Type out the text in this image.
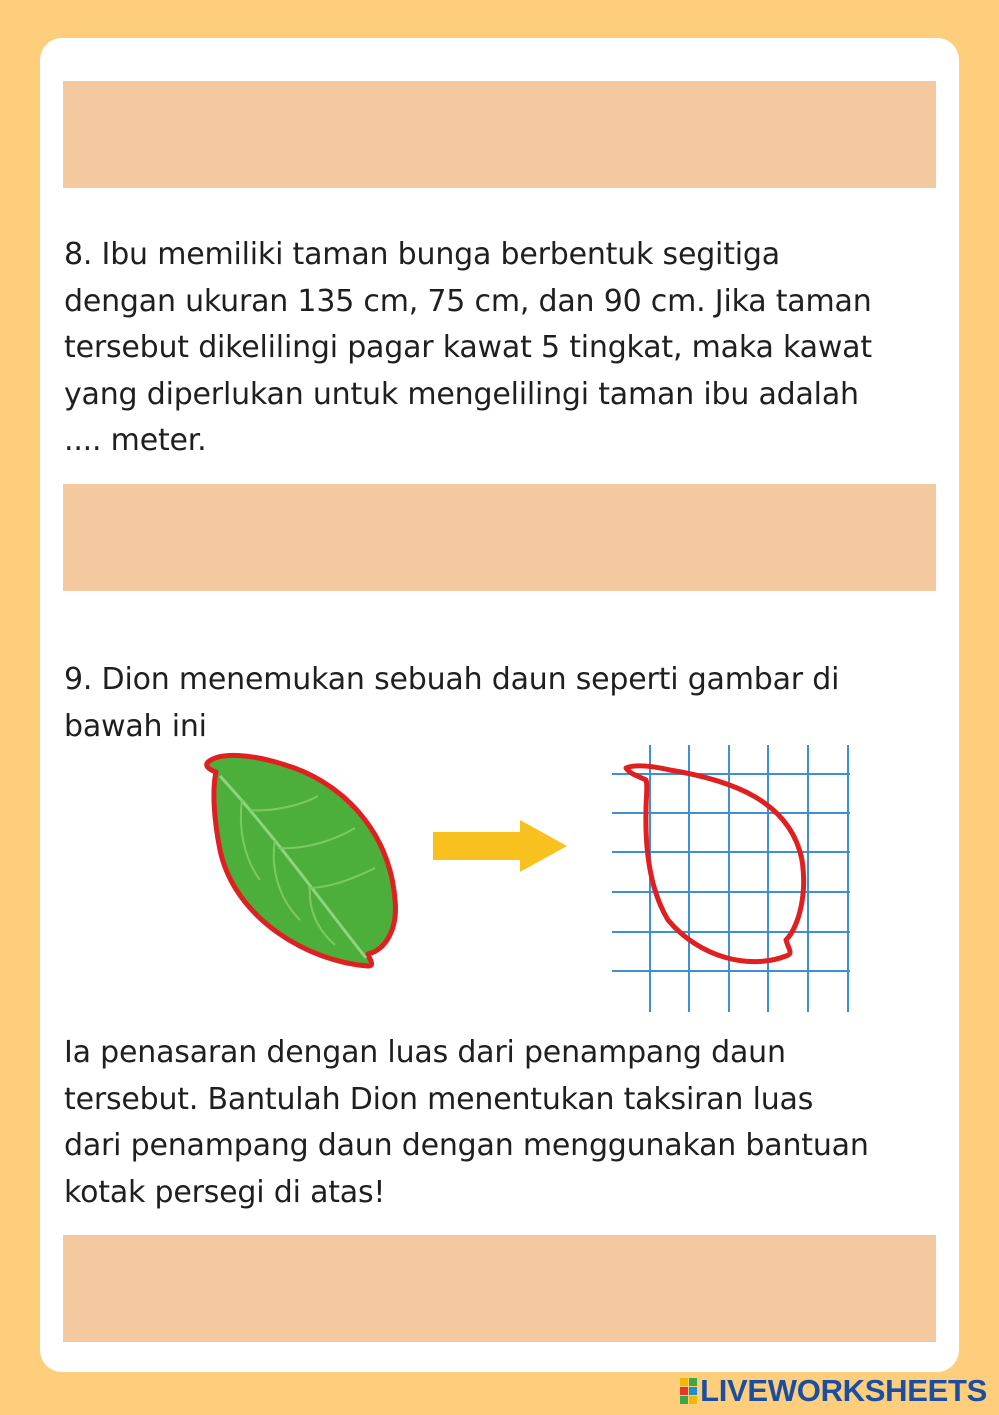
8. Ibu memiliki taman bunga berbentuk segitiga
dengan ukuran 135 cm, 75 cm, dan 90 cm. Jika taman
tersebut dikelilingi pagar kawat 5 tingkat, maka kawat
yang diperlukan untuk mengelilingi taman ibu adalah
.... meter.
9. Dion menemukan sebuah daun seperti gambar di
bawah ini
Ia penasaran dengan luas dari penampang daun
tersebut. Bantulah Dion menentukan taksiran luas
dari penampang daun dengan menggunakan bantuan
kotak persegi di atas!
LIVEWORKSHEETS
